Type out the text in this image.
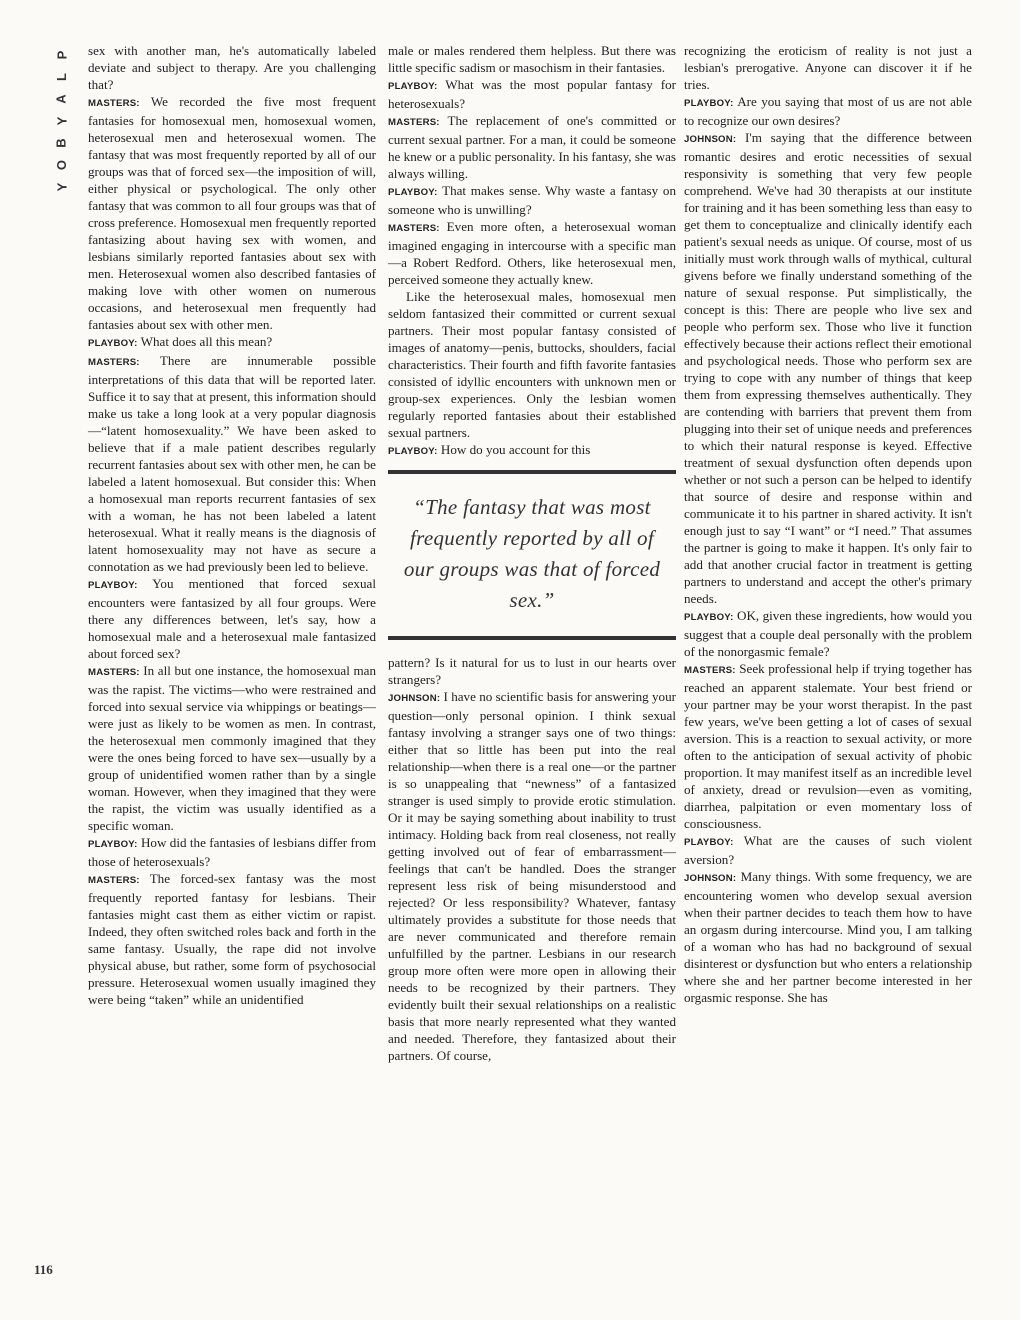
P
L
A
Y
B
O
Y

sex with another man, he's automatically labeled deviate and subject to therapy. Are you challenging that?

MASTERS: We recorded the five most frequent fantasies for homosexual men, homosexual women, heterosexual men and heterosexual women. The fantasy that was most frequently reported by all of our groups was that of forced sex—the imposition of will, either physical or psychological. The only other fantasy that was common to all four groups was that of cross preference. Homosexual men frequently reported fantasizing about having sex with women, and lesbians similarly reported fantasies about sex with men. Heterosexual women also described fantasies of making love with other women on numerous occasions, and heterosexual men frequently had fantasies about sex with other men.

PLAYBOY: What does all this mean?

MASTERS: There are innumerable possible interpretations of this data that will be reported later. Suffice it to say that at present, this information should make us take a long look at a very popular diagnosis—“latent homosexuality.” We have been asked to believe that if a male patient describes regularly recurrent fantasies about sex with other men, he can be labeled a latent homosexual. But consider this: When a homosexual man reports recurrent fantasies of sex with a woman, he has not been labeled a latent heterosexual. What it really means is the diagnosis of latent homosexuality may not have as secure a connotation as we had previously been led to believe.

PLAYBOY: You mentioned that forced sexual encounters were fantasized by all four groups. Were there any differences between, let's say, how a homosexual male and a heterosexual male fantasized about forced sex?

MASTERS: In all but one instance, the homosexual man was the rapist. The victims—who were restrained and forced into sexual service via whippings or beatings—were just as likely to be women as men. In contrast, the heterosexual men commonly imagined that they were the ones being forced to have sex—usually by a group of unidentified women rather than by a single woman. However, when they imagined that they were the rapist, the victim was usually identified as a specific woman.

PLAYBOY: How did the fantasies of lesbians differ from those of heterosexuals?

MASTERS: The forced-sex fantasy was the most frequently reported fantasy for lesbians. Their fantasies might cast them as either victim or rapist. Indeed, they often switched roles back and forth in the same fantasy. Usually, the rape did not involve physical abuse, but rather, some form of psychosocial pressure. Heterosexual women usually imagined they were being “taken” while an unidentified

male or males rendered them helpless. But there was little specific sadism or masochism in their fantasies.

PLAYBOY: What was the most popular fantasy for heterosexuals?

MASTERS: The replacement of one's committed or current sexual partner. For a man, it could be someone he knew or a public personality. In his fantasy, she was always willing.

PLAYBOY: That makes sense. Why waste a fantasy on someone who is unwilling?

MASTERS: Even more often, a heterosexual woman imagined engaging in intercourse with a specific man—a Robert Redford. Others, like heterosexual men, perceived someone they actually knew.

Like the heterosexual males, homosexual men seldom fantasized their committed or current sexual partners. Their most popular fantasy consisted of images of anatomy—penis, buttocks, shoulders, facial characteristics. Their fourth and fifth favorite fantasies consisted of idyllic encounters with unknown men or group-sex experiences. Only the lesbian women regularly reported fantasies about their established sexual partners.

PLAYBOY: How do you account for this

“The fantasy that was most frequently reported by all of our groups was that of forced sex.”

pattern? Is it natural for us to lust in our hearts over strangers?

JOHNSON: I have no scientific basis for answering your question—only personal opinion. I think sexual fantasy involving a stranger says one of two things: either that so little has been put into the real relationship—when there is a real one—or the partner is so unappealing that “newness” of a fantasized stranger is used simply to provide erotic stimulation. Or it may be saying something about inability to trust intimacy. Holding back from real closeness, not really getting involved out of fear of embarrassment—feelings that can't be handled. Does the stranger represent less risk of being misunderstood and rejected? Or less responsibility? Whatever, fantasy ultimately provides a substitute for those needs that are never communicated and therefore remain unfulfilled by the partner. Lesbians in our research group more often were more open in allowing their needs to be recognized by their partners. They evidently built their sexual relationships on a realistic basis that more nearly represented what they wanted and needed. Therefore, they fantasized about their partners. Of course,

recognizing the eroticism of reality is not just a lesbian's prerogative. Anyone can discover it if he tries.

PLAYBOY: Are you saying that most of us are not able to recognize our own desires?

JOHNSON: I'm saying that the difference between romantic desires and erotic necessities of sexual responsivity is something that very few people comprehend. We've had 30 therapists at our institute for training and it has been something less than easy to get them to conceptualize and clinically identify each patient's sexual needs as unique. Of course, most of us initially must work through walls of mythical, cultural givens before we finally understand something of the nature of sexual response. Put simplistically, the concept is this: There are people who live sex and people who perform sex. Those who live it function effectively because their actions reflect their emotional and psychological needs. Those who perform sex are trying to cope with any number of things that keep them from expressing themselves authentically. They are contending with barriers that prevent them from plugging into their set of unique needs and preferences to which their natural response is keyed. Effective treatment of sexual dysfunction often depends upon whether or not such a person can be helped to identify that source of desire and response within and communicate it to his partner in shared activity. It isn't enough just to say “I want” or “I need.” That assumes the partner is going to make it happen. It's only fair to add that another crucial factor in treatment is getting partners to understand and accept the other's primary needs.

PLAYBOY: OK, given these ingredients, how would you suggest that a couple deal personally with the problem of the nonorgasmic female?

MASTERS: Seek professional help if trying together has reached an apparent stalemate. Your best friend or your partner may be your worst therapist. In the past few years, we've been getting a lot of cases of sexual aversion. This is a reaction to sexual activity, or more often to the anticipation of sexual activity of phobic proportion. It may manifest itself as an incredible level of anxiety, dread or revulsion—even as vomiting, diarrhea, palpitation or even momentary loss of consciousness.

PLAYBOY: What are the causes of such violent aversion?

JOHNSON: Many things. With some frequency, we are encountering women who develop sexual aversion when their partner decides to teach them how to have an orgasm during intercourse. Mind you, I am talking of a woman who has had no background of sexual disinterest or dysfunction but who enters a relationship where she and her partner become interested in her orgasmic response. She has

116
